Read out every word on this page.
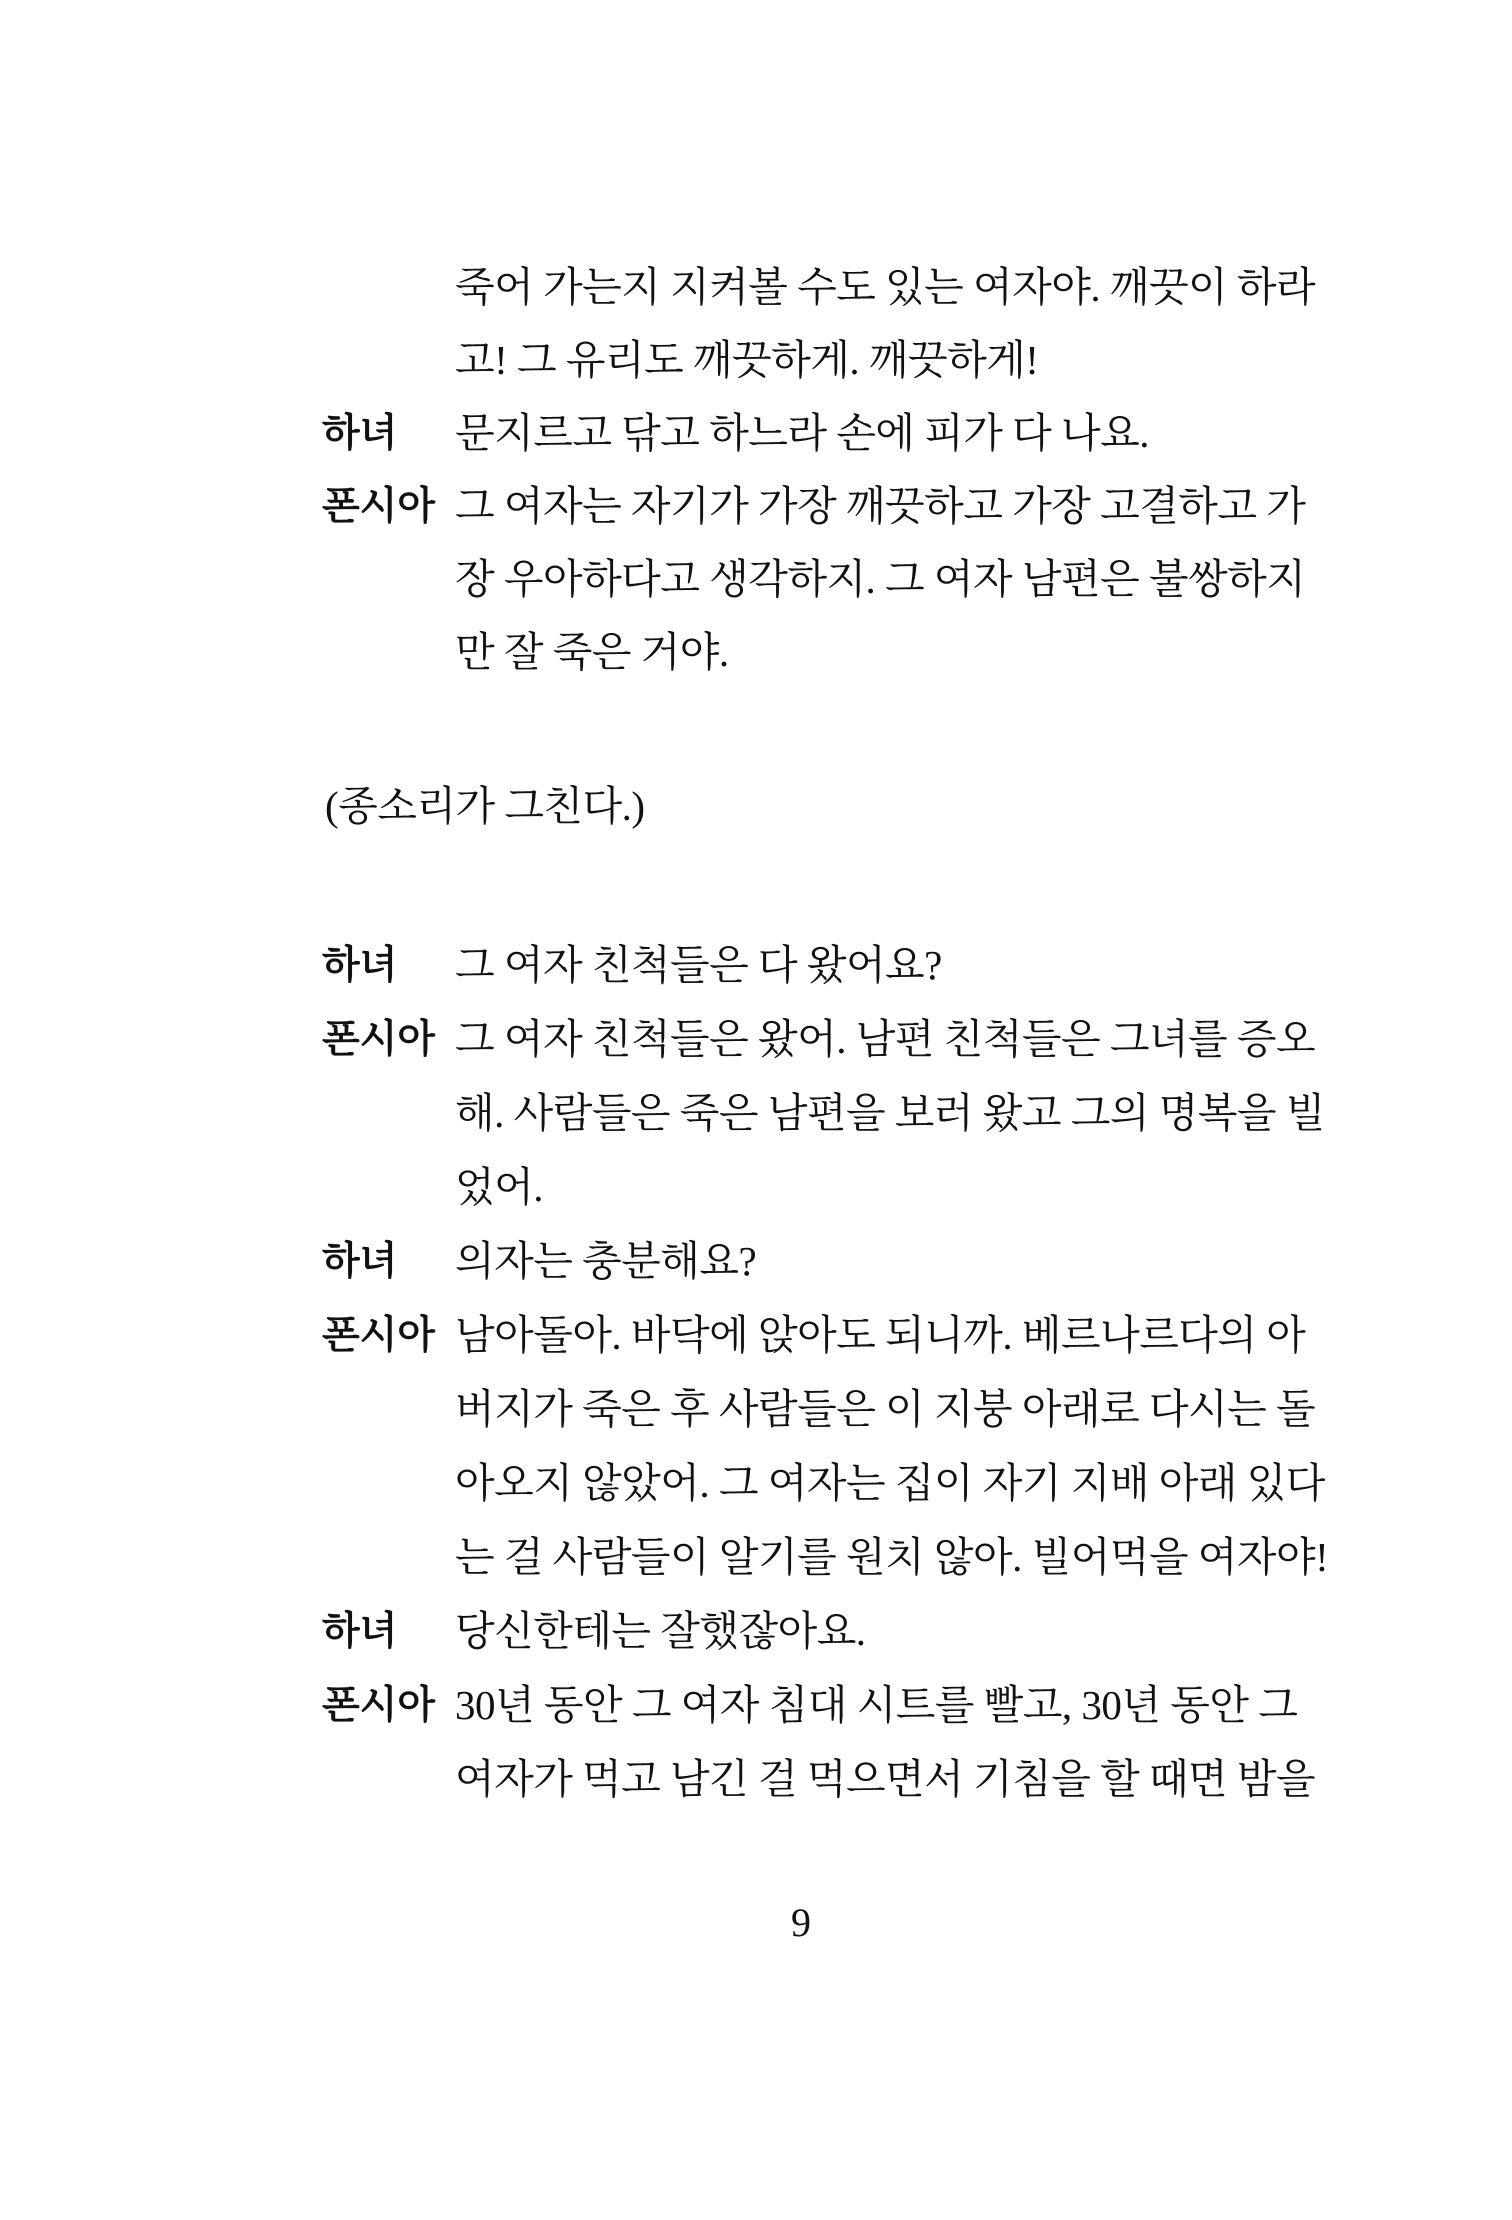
죽어 가는지 지켜볼 수도 있는 여자야. 깨끗이 하라
고! 그 유리도 깨끗하게. 깨끗하게!
하녀 문지르고 닦고 하느라 손에 피가 다 나요.
폰시아 그 여자는 자기가 가장 깨끗하고 가장 고결하고 가
장 우아하다고 생각하지. 그 여자 남편은 불쌍하지
만 잘 죽은 거야.
(종소리가 그친다.)
하녀 그 여자 친척들은 다 왔어요?
폰시아 그 여자 친척들은 왔어. 남편 친척들은 그녀를 증오
해. 사람들은 죽은 남편을 보러 왔고 그의 명복을 빌
었어.
하녀 의자는 충분해요?
폰시아 남아돌아. 바닥에 앉아도 되니까. 베르나르다의 아
버지가 죽은 후 사람들은 이 지붕 아래로 다시는 돌
아오지 않았어. 그 여자는 집이 자기 지배 아래 있다
는 걸 사람들이 알기를 원치 않아. 빌어먹을 여자야!
하녀 당신한테는 잘했잖아요.
폰시아 30년 동안 그 여자 침대 시트를 빨고, 30년 동안 그
여자가 먹고 남긴 걸 먹으면서 기침을 할 때면 밤을
9
